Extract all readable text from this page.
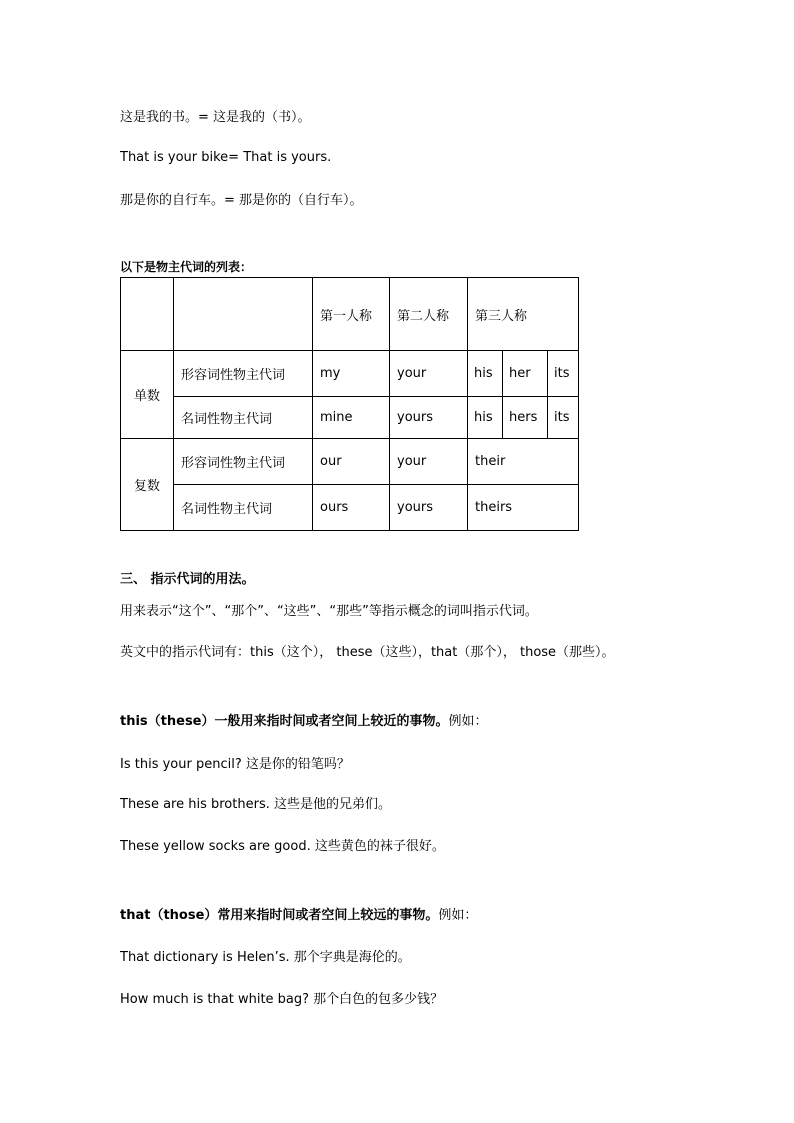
这是我的书。= 这是我的（书）。
That is your bike= That is yours.
那是你的自行车。= 那是你的（自行车）。
以下是物主代词的列表：
		第一人称	第二人称	第三人称		
单数	形容词性物主代词	my	your	his	her	its
	名词性物主代词	mine	yours	his	hers	its
复数	形容词性物主代词	our	your	their		
	名词性物主代词	ours	yours	theirs		
三、 指示代词的用法。
用来表示“这个”、“那个”、“这些”、“那些”等指示概念的词叫指示代词。
英文中的指示代词有：this（这个）， these（这些），that（那个）， those（那些）。
this（these）一般用来指时间或者空间上较近的事物。例如：
Is this your pencil? 这是你的铅笔吗？
These are his brothers. 这些是他的兄弟们。
These yellow socks are good. 这些黄色的袜子很好。
that（those）常用来指时间或者空间上较远的事物。例如：
That dictionary is Helen’s. 那个字典是海伦的。
How much is that white bag? 那个白色的包多少钱？
